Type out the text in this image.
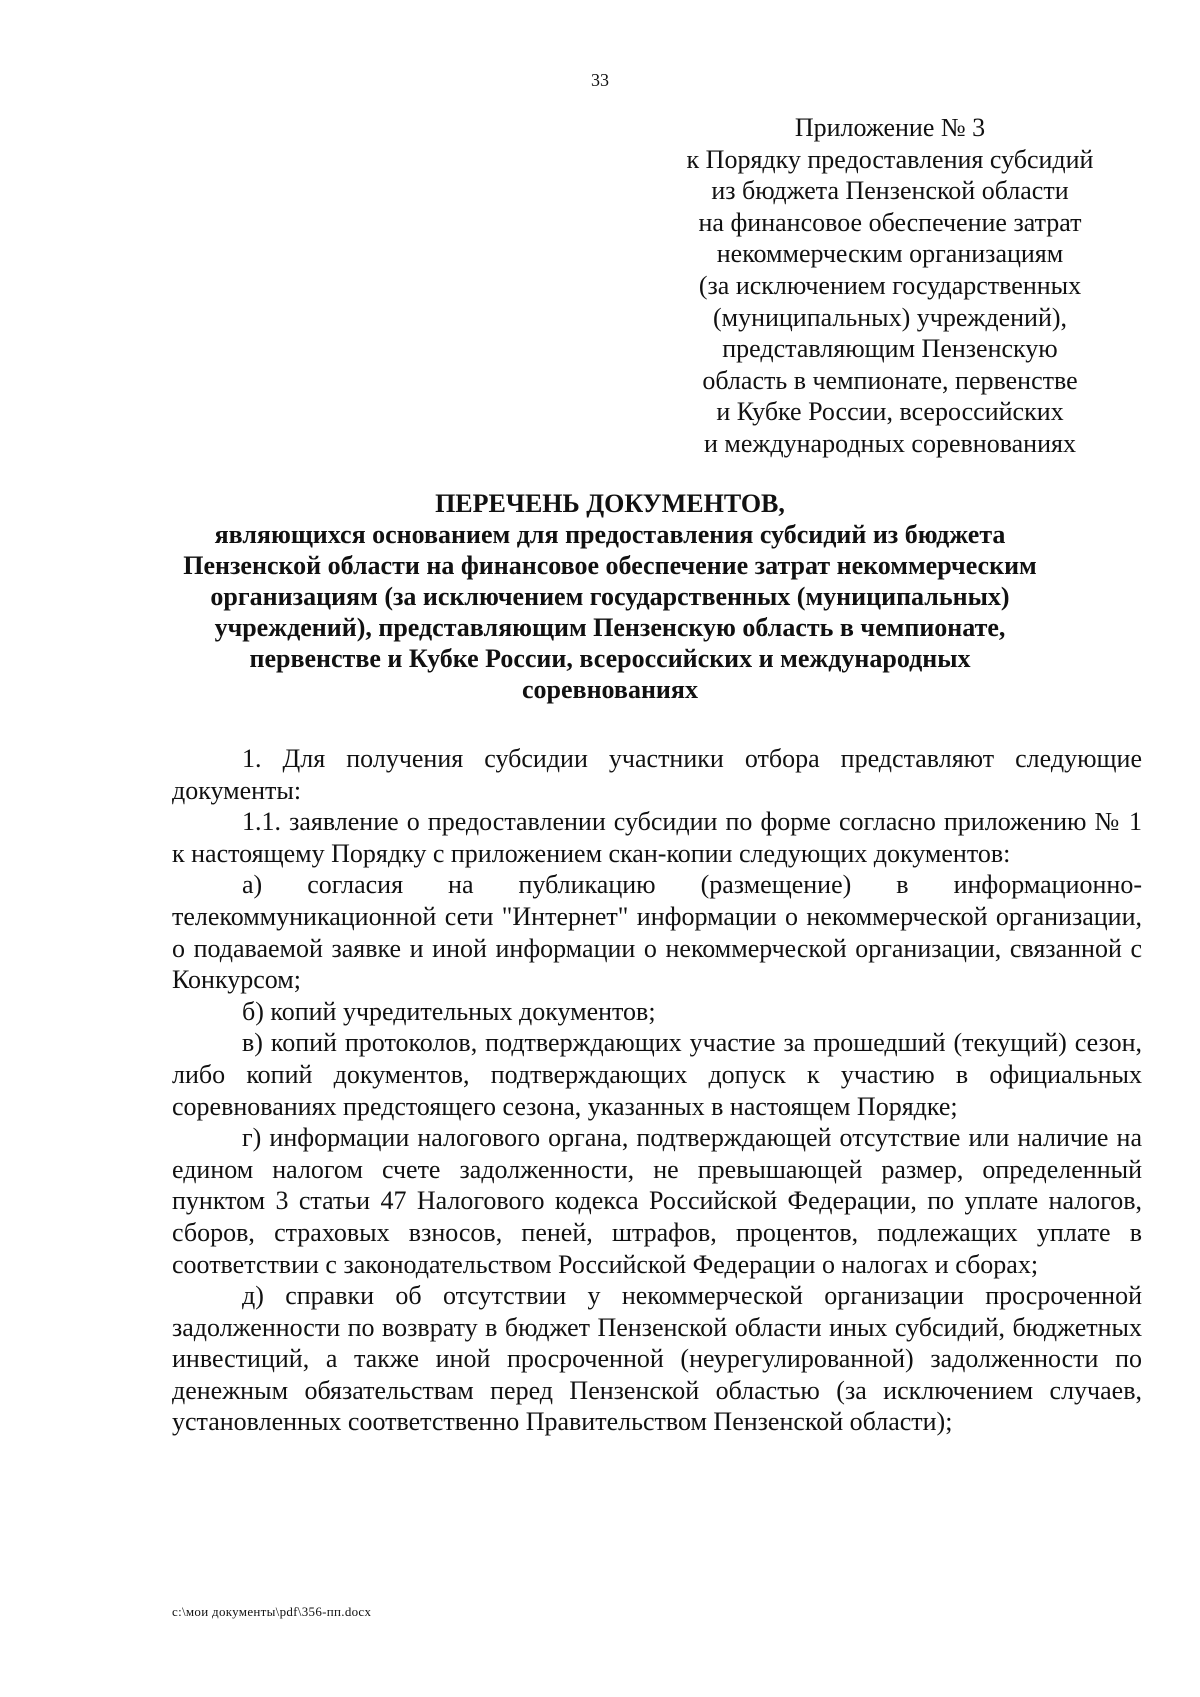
33
Приложение № 3
к Порядку предоставления субсидий
из бюджета Пензенской области
на финансовое обеспечение затрат
некоммерческим организациям
(за исключением государственных
(муниципальных) учреждений),
представляющим Пензенскую
область в чемпионате, первенстве
и Кубке России, всероссийских
и международных соревнованиях
ПЕРЕЧЕНЬ ДОКУМЕНТОВ,
являющихся основанием для предоставления субсидий из бюджета
Пензенской области на финансовое обеспечение затрат некоммерческим
организациям (за исключением государственных (муниципальных)
учреждений), представляющим Пензенскую область в чемпионате,
первенстве и Кубке России, всероссийских и международных
соревнованиях

1. Для получения субсидии участники отбора представляют следующие документы:

1.1. заявление о предоставлении субсидии по форме согласно приложению № 1 к настоящему Порядку с приложением скан-копии следующих документов:

а) согласия на публикацию (размещение) в информационно-телекоммуникационной сети "Интернет" информации о некоммерческой организации, о подаваемой заявке и иной информации о некоммерческой организации, связанной с Конкурсом;

б) копий учредительных документов;

в) копий протоколов, подтверждающих участие за прошедший (текущий) сезон, либо копий документов, подтверждающих допуск к участию в официальных соревнованиях предстоящего сезона, указанных в настоящем Порядке;

г) информации налогового органа, подтверждающей отсутствие или наличие на едином налогом счете задолженности, не превышающей размер, определенный пунктом 3 статьи 47 Налогового кодекса Российской Федерации, по уплате налогов, сборов, страховых взносов, пеней, штрафов, процентов, подлежащих уплате в соответствии с законодательством Российской Федерации о налогах и сборах;

д) справки об отсутствии у некоммерческой организации просроченной задолженности по возврату в бюджет Пензенской области иных субсидий, бюджетных инвестиций, а также иной просроченной (неурегулированной) задолженности по денежным обязательствам перед Пензенской областью (за исключением случаев, установленных соответственно Правительством Пензенской области);

c:\мои документы\pdf\356-пп.docx
